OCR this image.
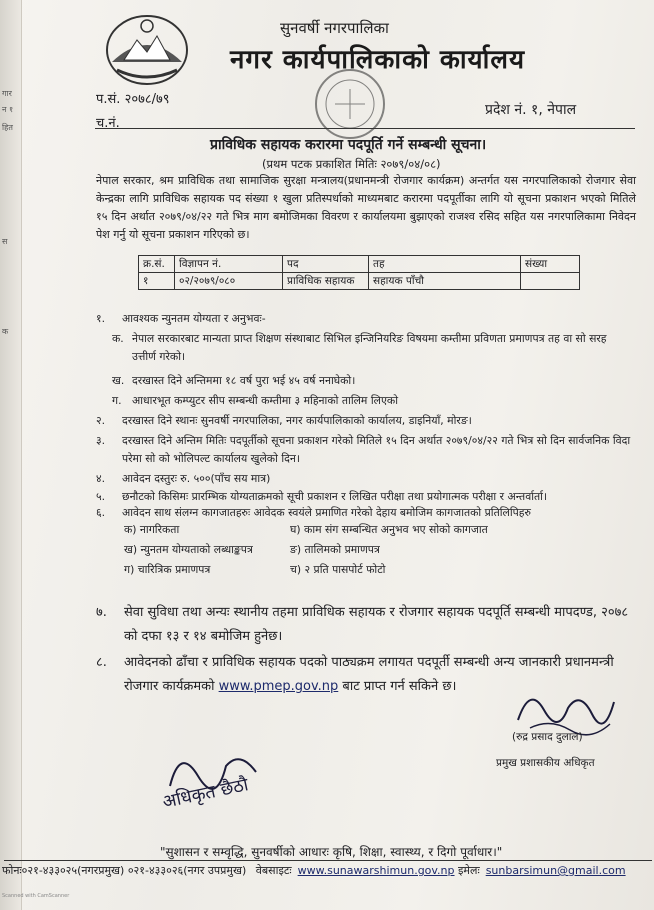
गार
न १
हित
स
क
सुनवर्षी नगरपालिका
नगर कार्यपालिकाको कार्यालय
प.सं. २०७८/७९
च.नं.
प्रदेश नं. १, नेपाल
प्राविधिक सहायक करारमा पदपूर्ति गर्ने सम्बन्धी सूचना।
(प्रथम पटक प्रकाशित मितिः २०७९/०४/०८)
नेपाल सरकार, श्रम प्राविधिक तथा सामाजिक सुरक्षा मन्त्रालय(प्रधानमन्त्री रोजगार कार्यक्रम) अन्तर्गत यस नगरपालिकाको रोजगार सेवा केन्द्रका लागि प्राविधिक सहायक पद संख्या १ खुला प्रतिस्पर्धाको माध्यमबाट करारमा पदपूर्तीका लागि यो सूचना प्रकाशन भएको मितिले १५ दिन अर्थात २०७९/०४/२२ गते भित्र माग बमोजिमका विवरण र कार्यालयमा बुझाएको राजश्व रसिद सहित यस नगरपालिकामा निवेदन पेश गर्नु यो सूचना प्रकाशन गरिएको छ।
क्र.सं.	विज्ञापन नं.	पद	तह	संख्या
१	०२/२०७९/०८०	प्राविधिक सहायक	सहायक पाँचौ	
१. आवश्यक न्युनतम योग्यता र अनुभवः-
क. नेपाल सरकारबाट मान्यता प्राप्त शिक्षण संस्थाबाट सिभिल इन्जिनियरिङ विषयमा कम्तीमा प्रविणता प्रमाणपत्र तह वा सो सरह उत्तीर्ण गरेको।
ख. दरखास्त दिने अन्तिममा १८ वर्ष पुरा भई ४५ वर्ष ननाघेको।
ग. आधारभूत कम्प्युटर सीप सम्बन्धी कम्तीमा ३ महिनाको तालिम लिएको
२. दरखास्त दिने स्थानः सुनवर्षी नगरपालिका, नगर कार्यपालिकाको कार्यालय, डाइनियाँ, मोरङ।
३. दरखास्त दिने अन्तिम मितिः पदपूर्तीको सूचना प्रकाशन गरेको मितिले १५ दिन अर्थात २०७९/०४/२२ गते भित्र सो दिन सार्वजनिक विदा परेमा सो को भोलिपल्ट कार्यालय खुलेको दिन।
४. आवेदन दस्तुरः रु. ५००(पाँच सय मात्र)
५. छनौटको किसिमः प्रारम्भिक योग्यताक्रमको सूची प्रकाशन र लिखित परीक्षा तथा प्रयोगात्मक परीक्षा र अन्तर्वार्ता।
६. आवेदन साथ संलग्न कागजातहरुः आवेदक स्वयंले प्रमाणित गरेको देहाय बमोजिम कागजातको प्रतिलिपिहरु
क) नागरिकता	घ) काम संग सम्बन्धित अनुभव भए सोको कागजात
ख) न्युनतम योग्यताको लब्धाङ्कपत्र	ङ) तालिमको प्रमाणपत्र
ग) चारित्रिक प्रमाणपत्र	च) २ प्रति पासपोर्ट फोटो
७. सेवा सुविधा तथा अन्यः स्थानीय तहमा प्राविधिक सहायक र रोजगार सहायक पदपूर्ति सम्बन्धी मापदण्ड, २०७८ को दफा १३ र १४ बमोजिम हुनेछ।
८. आवेदनको ढाँचा र प्राविधिक सहायक पदको पाठ्यक्रम लगायत पदपूर्ती सम्बन्धी अन्य जानकारी प्रधानमन्त्री रोजगार कार्यक्रमको www.pmep.gov.np बाट प्राप्त गर्न सकिने छ।
(रुद्र प्रसाद दुलाल)
प्रमुख प्रशासकीय अधिकृत
अधिकृत छैठौ
"सुशासन र सम्वृद्धि, सुनवर्षीको आधारः कृषि, शिक्षा, स्वास्थ्य, र दिगो पूर्वाधार।"
फोनः०२१-४३३०२५(नगरप्रमुख) ०२१-४३३०२६(नगर उपप्रमुख) वेबसाइटः www.sunawarshimun.gov.np इमेलः sunbarsimun@gmail.com
Scanned with CamScanner
